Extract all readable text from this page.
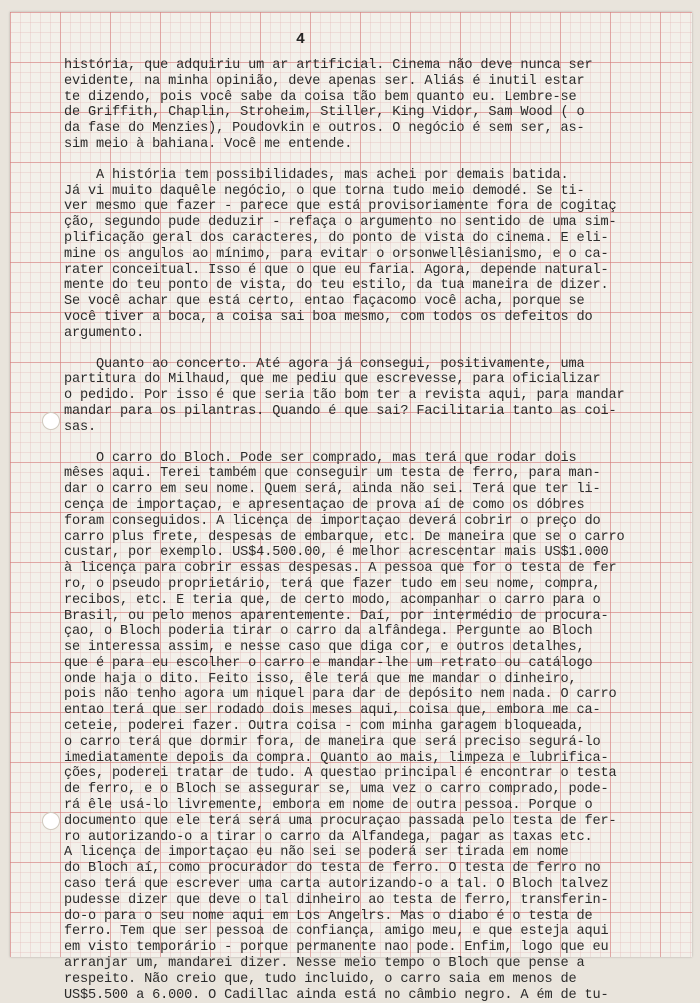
4
história, que adquiriu um ar artificial. Cinema não deve nunca ser
evidente, na minha opinião, deve apenas ser. Aliás é inutil estar
te dizendo, pois você sabe da coisa tão bem quanto eu. Lembre-se
de Griffith, Chaplin, Stroheim, Stiller, King Vidor, Sam Wood ( o
da fase do Menzies), Poudovkin e outros. O negócio é sem ser, as-
sim meio à bahiana. Você me entende.
A história tem possibilidades, mas achei por demais batida.
Já vi muito daquêle negócio, o que torna tudo meio demodé. Se ti-
ver mesmo que fazer - parece que está provisoriamente fora de cogitaç
ção, segundo pude deduzir - refaça o argumento no sentido de uma sim-
plificação geral dos caracteres, do ponto de vista do cinema. E eli-
mine os angulos ao mínimo, para evitar o orsonwellêsianismo, e o ca-
rater conceitual. Isso é que o que eu faria. Agora, depende natural-
mente do teu ponto de vista, do teu estilo, da tua maneira de dizer.
Se você achar que está certo, entao façacomo você acha, porque se
você tiver a boca, a coisa sai boa mesmo, com todos os defeitos do
argumento.
Quanto ao concerto. Até agora já consegui, positivamente, uma
partitura do Milhaud, que me pediu que escrevesse, para oficializar
o pedido. Por isso é que seria tão bom ter a revista aqui, para mandar
mandar para os pilantras. Quando é que sai? Facilitaria tanto as coi-
sas.
O carro do Bloch. Pode ser comprado, mas terá que rodar dois
mêses aqui. Terei também que conseguir um testa de ferro, para man-
dar o carro em seu nome. Quem será, ainda não sei. Terá que ter li-
cença de importaçao, e apresentaçao de prova aí de como os dóbres
foram conseguidos. A licença de importaçao deverá cobrir o preço do
carro plus frete, despesas de embarque, etc. De maneira que se o carro
custar, por exemplo. US$4.500.00, é melhor acrescentar mais US$1.000
à licença para cobrir essas despesas. A pessoa que for o testa de fer
ro, o pseudo proprietário, terá que fazer tudo em seu nome, compra,
recibos, etc. E teria que, de certo modo, acompanhar o carro para o
Brasil, ou pelo menos aparentemente. Daí, por intermédio de procura-
çao, o Bloch poderia tirar o carro da alfândega. Pergunte ao Bloch
se interessa assim, e nesse caso que diga cor, e outros detalhes,
que é para eu escolher o carro e mandar-lhe um retrato ou catálogo
onde haja o dito. Feito isso, êle terá que me mandar o dinheiro,
pois não tenho agora um niquel para dar de depósito nem nada. O carro
entao terá que ser rodado dois meses aqui, coisa que, embora me ca-
ceteie, poderei fazer. Outra coisa - com minha garagem bloqueada,
o carro terá que dormir fora, de maneira que será preciso segurá-lo
imediatamente depois da compra. Quanto ao mais, limpeza e lubrifica-
ções, poderei tratar de tudo. A questao principal é encontrar o testa
de ferro, e o Bloch se assegurar se, uma vez o carro comprado, pode-
rá êle usá-lo livremente, embora em nome de outra pessoa. Porque o
documento que ele terá será uma procuraçao passada pelo testa de fer-
ro autorizando-o a tirar o carro da Alfandega, pagar as taxas etc.
A licença de importaçao eu não sei se poderá ser tirada em nome
do Bloch aí, como procurador do testa de ferro. O testa de ferro no
caso terá que escrever uma carta autorizando-o a tal. O Bloch talvez
pudesse dizer que deve o tal dinheiro ao testa de ferro, transferin-
do-o para o seu nome aqui em Los Angelrs. Mas o diabo é o testa de
ferro. Tem que ser pessoa de confiança, amigo meu, e que esteja aqui
em visto temporário - porque permanente nao pode. Enfim, logo que eu
arranjar um, mandarei dizer. Nesse meio tempo o Bloch que pense a
respeito. Não creio que, tudo incluido, o carro saia em menos de
US$5.500 a 6.000. O Cadillac ainda está no câmbio negro. A ém de tu-
